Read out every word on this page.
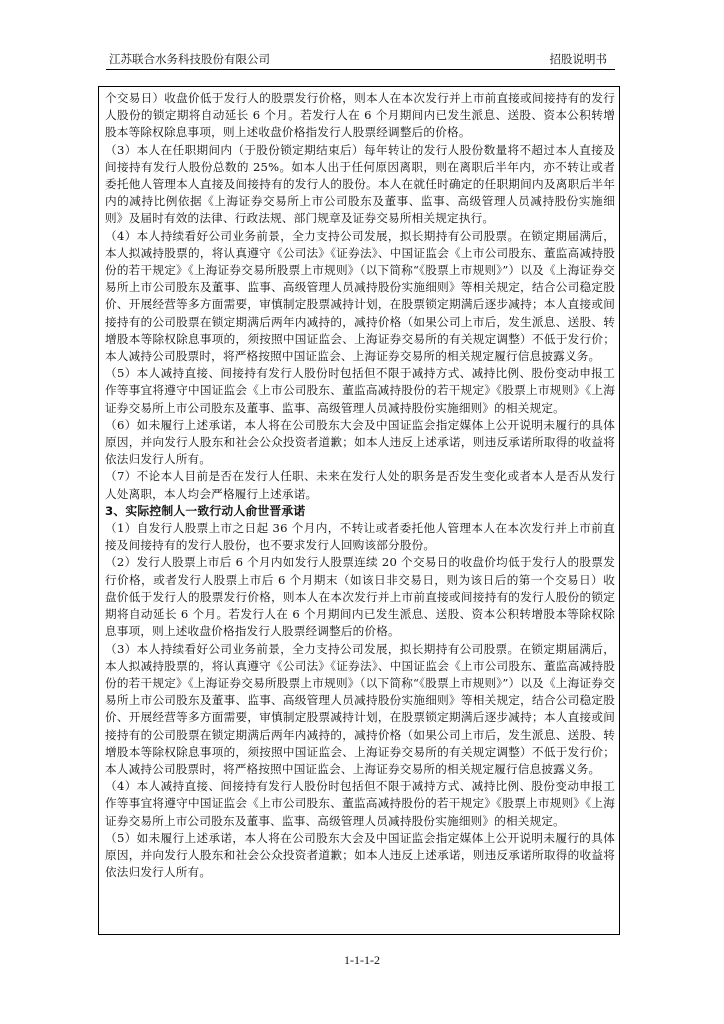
江苏联合水务科技股份有限公司	招股说明书

个交易日）收盘价低于发行人的股票发行价格，则本人在本次发行并上市前直接或间接持有的发行人股份的锁定期将自动延长 6 个月。若发行人在 6 个月期间内已发生派息、送股、资本公积转增股本等除权除息事项，则上述收盘价格指发行人股票经调整后的价格。

（3）本人在任职期间内（于股份锁定期结束后）每年转让的发行人股份数量将不超过本人直接及间接持有发行人股份总数的 25%。如本人出于任何原因离职，则在离职后半年内，亦不转让或者委托他人管理本人直接及间接持有的发行人的股份。本人在就任时确定的任职期间内及离职后半年内的减持比例依据《上海证券交易所上市公司股东及董事、监事、高级管理人员减持股份实施细则》及届时有效的法律、行政法规、部门规章及证券交易所相关规定执行。

（4）本人持续看好公司业务前景，全力支持公司发展，拟长期持有公司股票。在锁定期届满后，本人拟减持股票的，将认真遵守《公司法》《证券法》、中国证监会《上市公司股东、董监高减持股份的若干规定》《上海证券交易所股票上市规则》（以下简称“《股票上市规则》”）以及《上海证券交易所上市公司股东及董事、监事、高级管理人员减持股份实施细则》等相关规定，结合公司稳定股价、开展经营等多方面需要，审慎制定股票减持计划，在股票锁定期满后逐步减持；本人直接或间接持有的公司股票在锁定期满后两年内减持的，减持价格（如果公司上市后，发生派息、送股、转增股本等除权除息事项的，须按照中国证监会、上海证券交易所的有关规定调整）不低于发行价；本人减持公司股票时，将严格按照中国证监会、上海证券交易所的相关规定履行信息披露义务。

（5）本人减持直接、间接持有发行人股份时包括但不限于减持方式、减持比例、股份变动申报工作等事宜将遵守中国证监会《上市公司股东、董监高减持股份的若干规定》《股票上市规则》《上海证券交易所上市公司股东及董事、监事、高级管理人员减持股份实施细则》的相关规定。

（6）如未履行上述承诺，本人将在公司股东大会及中国证监会指定媒体上公开说明未履行的具体原因，并向发行人股东和社会公众投资者道歉；如本人违反上述承诺，则违反承诺所取得的收益将依法归发行人所有。

（7）不论本人目前是否在发行人任职、未来在发行人处的职务是否发生变化或者本人是否从发行人处离职，本人均会严格履行上述承诺。

3、实际控制人一致行动人俞世晋承诺

（1）自发行人股票上市之日起 36 个月内，不转让或者委托他人管理本人在本次发行并上市前直接及间接持有的发行人股份，也不要求发行人回购该部分股份。

（2）发行人股票上市后 6 个月内如发行人股票连续 20 个交易日的收盘价均低于发行人的股票发行价格，或者发行人股票上市后 6 个月期末（如该日非交易日，则为该日后的第一个交易日）收盘价低于发行人的股票发行价格，则本人在本次发行并上市前直接或间接持有的发行人股份的锁定期将自动延长 6 个月。若发行人在 6 个月期间内已发生派息、送股、资本公积转增股本等除权除息事项，则上述收盘价格指发行人股票经调整后的价格。

（3）本人持续看好公司业务前景，全力支持公司发展，拟长期持有公司股票。在锁定期届满后，本人拟减持股票的，将认真遵守《公司法》《证券法》、中国证监会《上市公司股东、董监高减持股份的若干规定》《上海证券交易所股票上市规则》（以下简称“《股票上市规则》”）以及《上海证券交易所上市公司股东及董事、监事、高级管理人员减持股份实施细则》等相关规定，结合公司稳定股价、开展经营等多方面需要，审慎制定股票减持计划，在股票锁定期满后逐步减持；本人直接或间接持有的公司股票在锁定期满后两年内减持的，减持价格（如果公司上市后，发生派息、送股、转增股本等除权除息事项的，须按照中国证监会、上海证券交易所的有关规定调整）不低于发行价；本人减持公司股票时，将严格按照中国证监会、上海证券交易所的相关规定履行信息披露义务。

（4）本人减持直接、间接持有发行人股份时包括但不限于减持方式、减持比例、股份变动申报工作等事宜将遵守中国证监会《上市公司股东、董监高减持股份的若干规定》《股票上市规则》《上海证券交易所上市公司股东及董事、监事、高级管理人员减持股份实施细则》的相关规定。

（5）如未履行上述承诺，本人将在公司股东大会及中国证监会指定媒体上公开说明未履行的具体原因，并向发行人股东和社会公众投资者道歉；如本人违反上述承诺，则违反承诺所取得的收益将依法归发行人所有。

1-1-1-2
